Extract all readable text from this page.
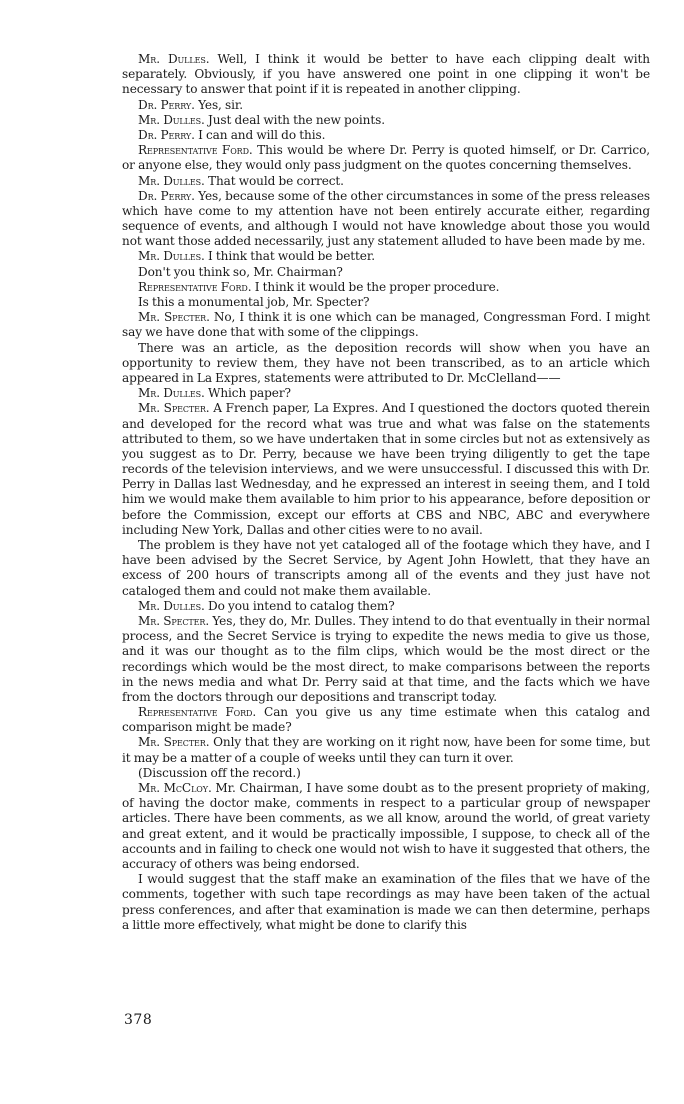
Mr. Dulles. Well, I think it would be better to have each clipping dealt with separately. Obviously, if you have answered one point in one clipping it won't be necessary to answer that point if it is repeated in another clipping.

Dr. Perry. Yes, sir.

Mr. Dulles. Just deal with the new points.

Dr. Perry. I can and will do this.

Representative Ford. This would be where Dr. Perry is quoted himself, or Dr. Carrico, or anyone else, they would only pass judgment on the quotes concerning themselves.

Mr. Dulles. That would be correct.

Dr. Perry. Yes, because some of the other circumstances in some of the press releases which have come to my attention have not been entirely accurate either, regarding sequence of events, and although I would not have knowledge about those you would not want those added necessarily, just any statement alluded to have been made by me.

Mr. Dulles. I think that would be better.

Don't you think so, Mr. Chairman?

Representative Ford. I think it would be the proper procedure.

Is this a monumental job, Mr. Specter?

Mr. Specter. No, I think it is one which can be managed, Congressman Ford. I might say we have done that with some of the clippings.

There was an article, as the deposition records will show when you have an opportunity to review them, they have not been transcribed, as to an article which appeared in La Expres, statements were attributed to Dr. McClelland——

Mr. Dulles. Which paper?

Mr. Specter. A French paper, La Expres. And I questioned the doctors quoted therein and developed for the record what was true and what was false on the statements attributed to them, so we have undertaken that in some circles but not as extensively as you suggest as to Dr. Perry, because we have been trying diligently to get the tape records of the television interviews, and we were unsuccessful. I discussed this with Dr. Perry in Dallas last Wednesday, and he expressed an interest in seeing them, and I told him we would make them available to him prior to his appearance, before deposition or before the Commission, except our efforts at CBS and NBC, ABC and everywhere including New York, Dallas and other cities were to no avail.

The problem is they have not yet cataloged all of the footage which they have, and I have been advised by the Secret Service, by Agent John Howlett, that they have an excess of 200 hours of transcripts among all of the events and they just have not cataloged them and could not make them available.

Mr. Dulles. Do you intend to catalog them?

Mr. Specter. Yes, they do, Mr. Dulles. They intend to do that eventually in their normal process, and the Secret Service is trying to expedite the news media to give us those, and it was our thought as to the film clips, which would be the most direct or the recordings which would be the most direct, to make comparisons between the reports in the news media and what Dr. Perry said at that time, and the facts which we have from the doctors through our depositions and transcript today.

Representative Ford. Can you give us any time estimate when this catalog and comparison might be made?

Mr. Specter. Only that they are working on it right now, have been for some time, but it may be a matter of a couple of weeks until they can turn it over.

(Discussion off the record.)

Mr. McCloy. Mr. Chairman, I have some doubt as to the present propriety of making, of having the doctor make, comments in respect to a particular group of newspaper articles. There have been comments, as we all know, around the world, of great variety and great extent, and it would be practically impossible, I suppose, to check all of the accounts and in failing to check one would not wish to have it suggested that others, the accuracy of others was being endorsed.

I would suggest that the staff make an examination of the files that we have of the comments, together with such tape recordings as may have been taken of the actual press conferences, and after that examination is made we can then determine, perhaps a little more effectively, what might be done to clarify this

378
